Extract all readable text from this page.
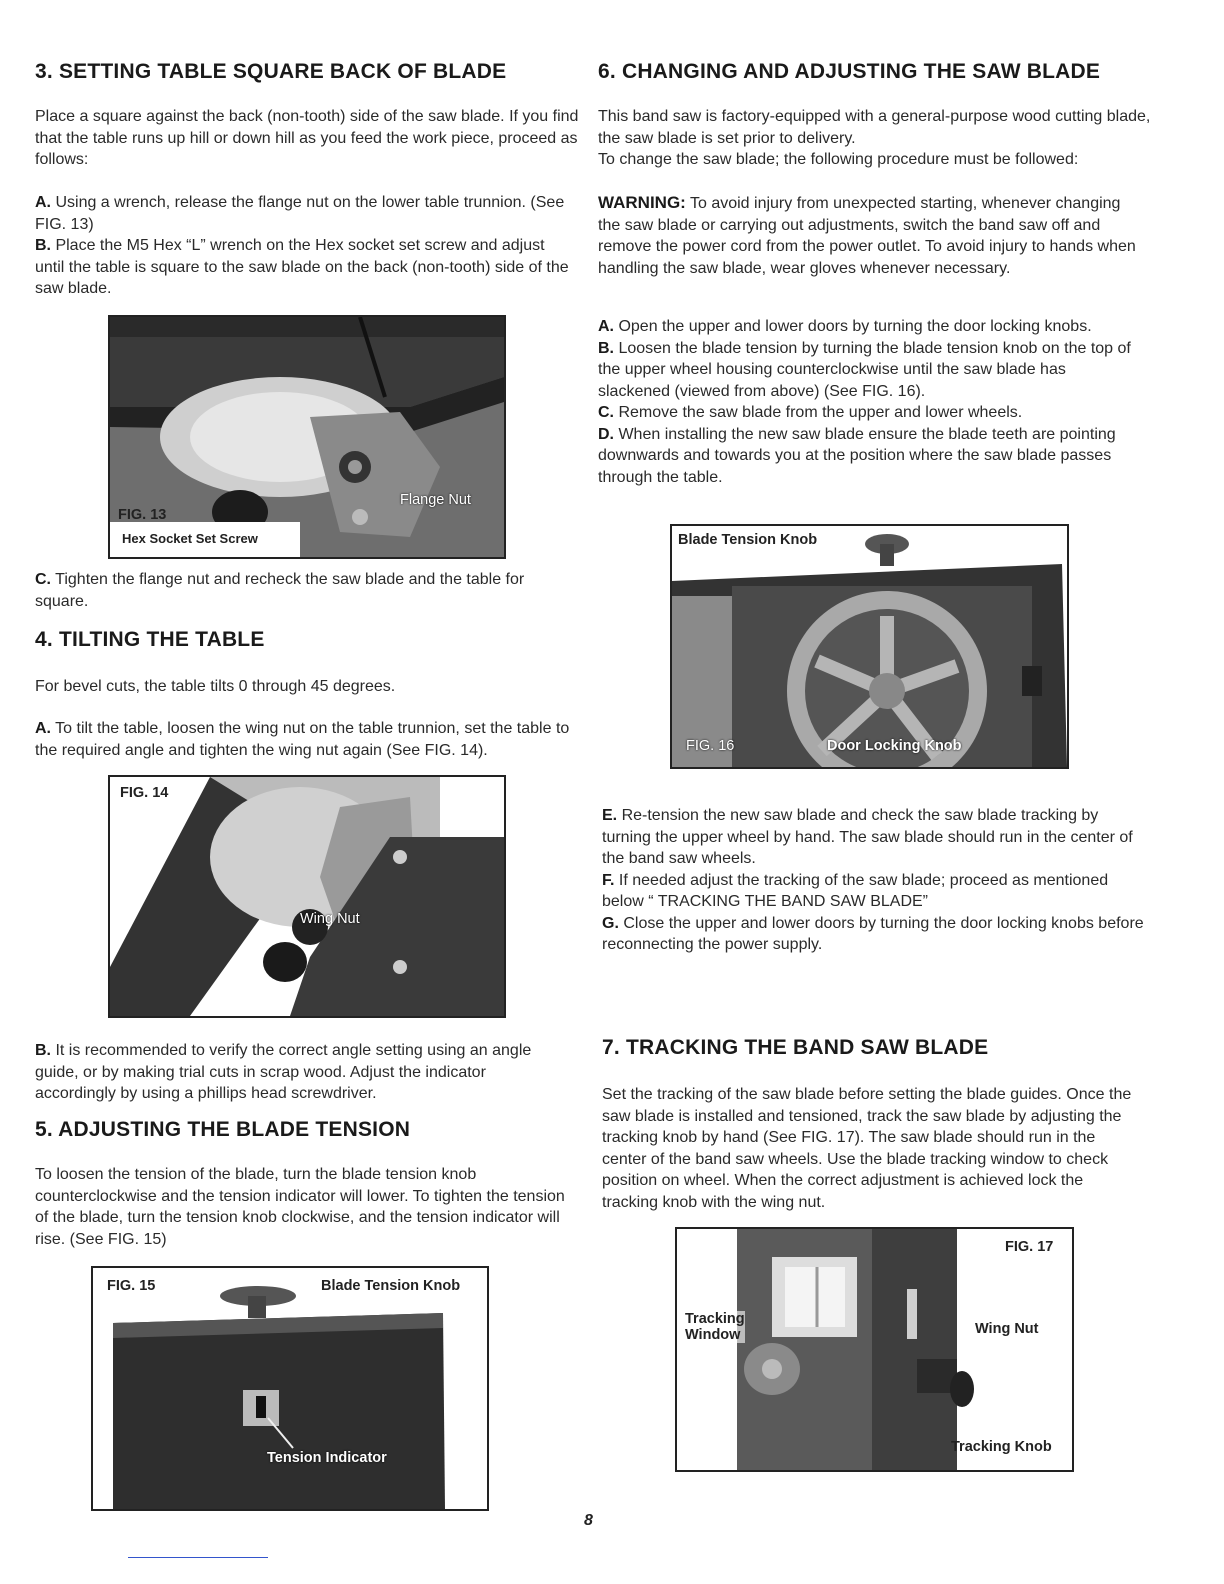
3. SETTING TABLE SQUARE BACK OF BLADE

Place a square against the back (non-tooth) side of the saw blade. If you find that the table runs up hill or down hill as you feed the work piece, proceed as follows:

A. Using a wrench, release the flange nut on the lower table trunnion. (See FIG. 13)

B. Place the M5 Hex “L” wrench on the Hex socket set screw and adjust until the table is square to the saw blade on the back (non-tooth) side of the saw blade.

FIG. 13
Hex Socket Set Screw
Flange Nut

C. Tighten the flange nut and recheck the saw blade and the table for square.

4. TILTING THE TABLE

For bevel cuts, the table tilts 0 through 45 degrees.

A. To tilt the table, loosen the wing nut on the table trunnion, set the table to the required angle and tighten the wing nut again (See FIG. 14).

FIG. 14
Wing Nut

B. It is recommended to verify the correct angle setting using an angle guide, or by making trial cuts in scrap wood. Adjust the indicator accordingly by using a phillips head screwdriver.

5. ADJUSTING THE BLADE TENSION

To loosen the tension of the blade, turn the blade tension knob counterclockwise and the tension indicator will lower. To tighten the tension of the blade, turn the tension knob clockwise, and the tension indicator will rise. (See FIG. 15)

FIG. 15	Blade Tension Knob
Tension Indicator
6. CHANGING AND ADJUSTING THE SAW BLADE

This band saw is factory-equipped with a general-purpose wood cutting blade, the saw blade is set prior to delivery.
To change the saw blade; the following procedure must be followed:

WARNING: To avoid injury from unexpected starting, whenever changing the saw blade or carrying out adjustments, switch the band saw off and remove the power cord from the power outlet. To avoid injury to hands when handling the saw blade, wear gloves whenever necessary.

A. Open the upper and lower doors by turning the door locking knobs.
B. Loosen the blade tension by turning the blade tension knob on the top of the upper wheel housing counterclockwise until the saw blade has slackened (viewed from above) (See FIG. 16).
C. Remove the saw blade from the upper and lower wheels.
D. When installing the new saw blade ensure the blade teeth are pointing downwards and towards you at the position where the saw blade passes through the table.

Blade Tension Knob
FIG. 16	Door Locking Knob

E. Re-tension the new saw blade and check the saw blade tracking by turning the upper wheel by hand. The saw blade should run in the center of the band saw wheels.
F. If needed adjust the tracking of the saw blade; proceed as mentioned below “ TRACKING THE BAND SAW BLADE”
G. Close the upper and lower doors by turning the door locking knobs before reconnecting the power supply.

7. TRACKING THE BAND SAW BLADE

Set the tracking of the saw blade before setting the blade guides. Once the saw blade is installed and tensioned, track the saw blade by adjusting the tracking knob by hand (See FIG. 17). The saw blade should run in the center of the band saw wheels. Use the blade tracking window to check position on wheel. When the correct adjustment is achieved lock the tracking knob with the wing nut.

FIG. 17
Tracking
Window	Wing Nut
Tracking Knob
8
